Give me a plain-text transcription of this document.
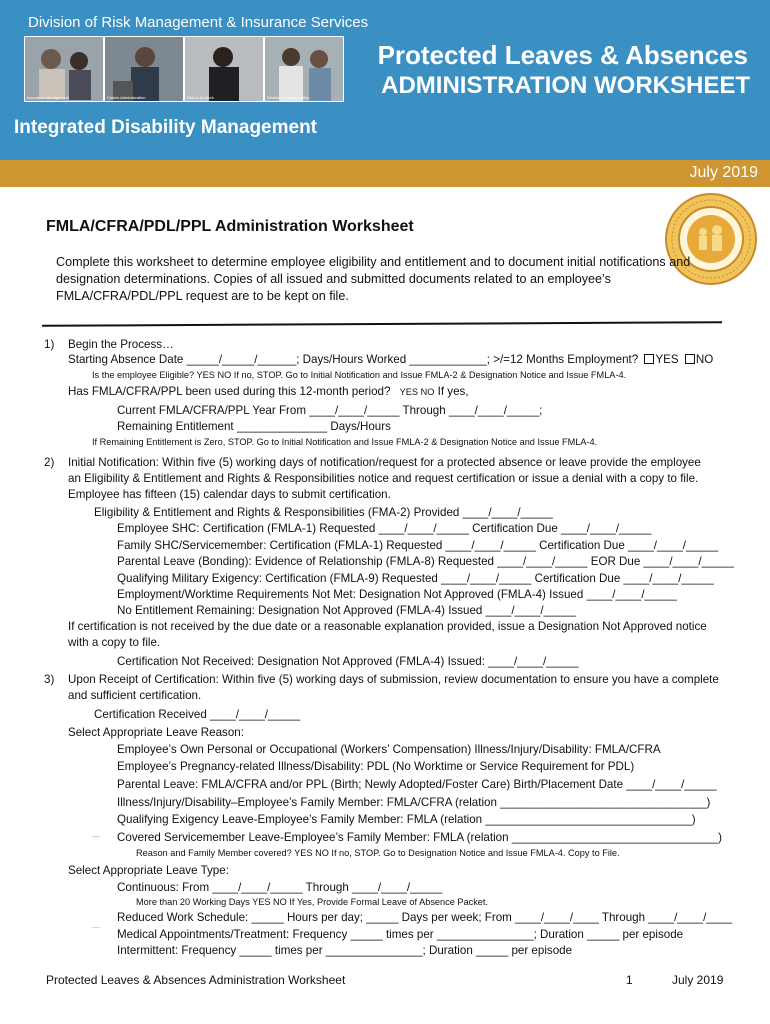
Division of Risk Management & Insurance Services
Insurance Management	Claims Administration	Return to Work	Workers' Compensation
Protected Leaves & Absences
ADMINISTRATION WORKSHEET
Integrated Disability Management
July 2019
FMLA/CFRA/PDL/PPL Administration Worksheet
Complete this worksheet to determine employee eligibility and entitlement and to document initial notifications and designation determinations. Copies of all issued and submitted documents related to an employee’s FMLA/CFRA/PDL/PPL request are to be kept on file.
1) Begin the Process…
Starting Absence Date _____/_____/______; Days/Hours Worked ____________; >/=12 Months Employment? YES NO
Is the employee Eligible? YES NO If no, STOP. Go to Initial Notification and Issue FMLA-2 & Designation Notice and Issue FMLA-4.
Has FMLA/CFRA/PPL been used during this 12-month period? YES NO If yes,
Current FMLA/CFRA/PPL Year From ____/____/_____ Through ____/____/_____;
Remaining Entitlement ______________ Days/Hours
If Remaining Entitlement is Zero, STOP. Go to Initial Notification and Issue FMLA-2 & Designation Notice and Issue FMLA-4.
2) Initial Notification: Within five (5) working days of notification/request for a protected absence or leave provide the employee
an Eligibility & Entitlement and Rights & Responsibilities notice and request certification or issue a denial with a copy to file.
Employee has fifteen (15) calendar days to submit certification.
Eligibility & Entitlement and Rights & Responsibilities (FMA-2) Provided ____/____/_____
Employee SHC: Certification (FMLA-1) Requested ____/____/_____ Certification Due ____/____/_____
Family SHC/Servicemember: Certification (FMLA-1) Requested ____/____/_____ Certification Due ____/____/_____
Parental Leave (Bonding): Evidence of Relationship (FMLA-8) Requested ____/____/_____ EOR Due ____/____/_____
Qualifying Military Exigency: Certification (FMLA-9) Requested ____/____/_____ Certification Due ____/____/_____
Employment/Worktime Requirements Not Met: Designation Not Approved (FMLA-4) Issued ____/____/_____
No Entitlement Remaining: Designation Not Approved (FMLA-4) Issued ____/____/_____
If certification is not received by the due date or a reasonable explanation provided, issue a Designation Not Approved notice
with a copy to file.
Certification Not Received: Designation Not Approved (FMLA-4) Issued: ____/____/_____
3) Upon Receipt of Certification: Within five (5) working days of submission, review documentation to ensure you have a complete
and sufficient certification.
Certification Received ____/____/_____
Select Appropriate Leave Reason:
Employee’s Own Personal or Occupational (Workers’ Compensation) Illness/Injury/Disability: FMLA/CFRA
Employee’s Pregnancy-related Illness/Disability: PDL (No Worktime or Service Requirement for PDL)
Parental Leave: FMLA/CFRA and/or PPL (Birth; Newly Adopted/Foster Care) Birth/Placement Date ____/____/_____
Illness/Injury/Disability–Employee’s Family Member: FMLA/CFRA (relation ________________________________)
Qualifying Exigency Leave-Employee’s Family Member: FMLA (relation ________________________________)
— Covered Servicemember Leave-Employee’s Family Member: FMLA (relation ________________________________)
Reason and Family Member covered? YES NO If no, STOP. Go to Designation Notice and Issue FMLA-4. Copy to File.
Select Appropriate Leave Type:
Continuous: From ____/____/_____ Through ____/____/_____
More than 20 Working Days YES NO If Yes, Provide Formal Leave of Absence Packet.
Reduced Work Schedule: _____ Hours per day; _____ Days per week; From ____/____/____ Through ____/____/____
—
Medical Appointments/Treatment: Frequency _____ times per _______________; Duration _____ per episode
Intermittent: Frequency _____ times per _______________; Duration _____ per episode
Protected Leaves & Absences Administration Worksheet	1	July 2019
